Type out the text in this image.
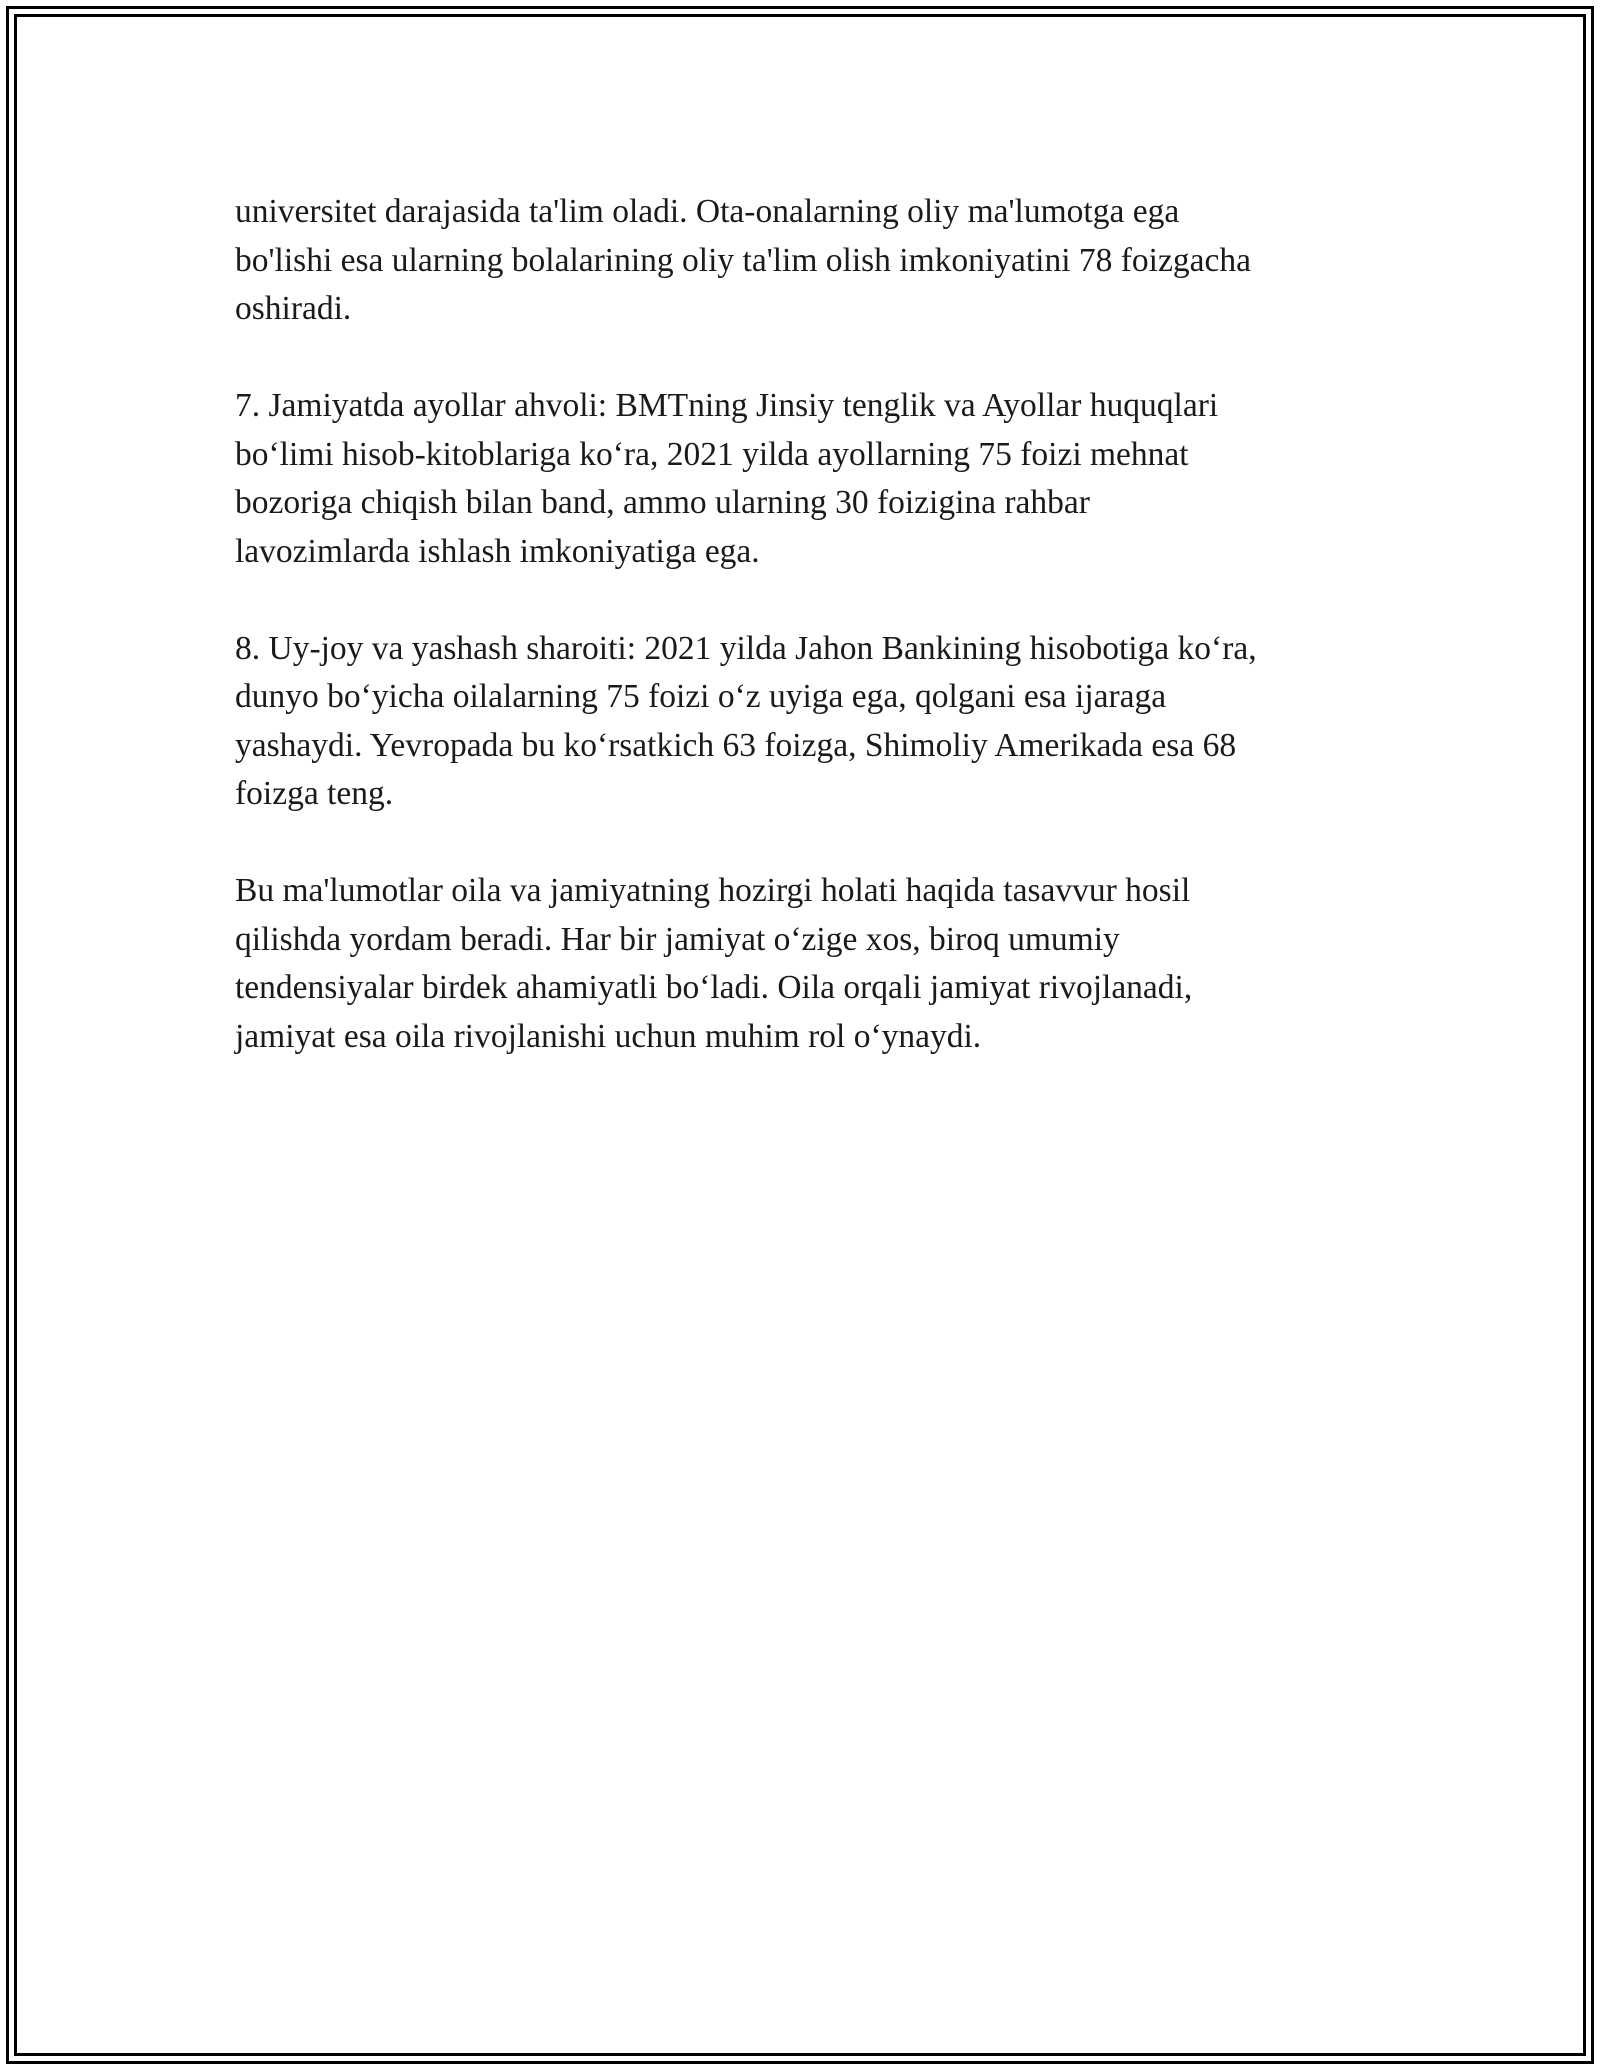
universitet darajasida ta'lim oladi. Ota-onalarning oliy ma'lumotga ega
bo'lishi esa ularning bolalarining oliy ta'lim olish imkoniyatini 78 foizgacha
oshiradi.

7. Jamiyatda ayollar ahvoli: BMTning Jinsiy tenglik va Ayollar huquqlari
bo‘limi hisob-kitoblariga ko‘ra, 2021 yilda ayollarning 75 foizi mehnat
bozoriga chiqish bilan band, ammo ularning 30 foizigina rahbar
lavozimlarda ishlash imkoniyatiga ega.

8. Uy-joy va yashash sharoiti: 2021 yilda Jahon Bankining hisobotiga ko‘ra,
dunyo bo‘yicha oilalarning 75 foizi o‘z uyiga ega, qolgani esa ijaraga
yashaydi. Yevropada bu ko‘rsatkich 63 foizga, Shimoliy Amerikada esa 68
foizga teng.

Bu ma'lumotlar oila va jamiyatning hozirgi holati haqida tasavvur hosil
qilishda yordam beradi. Har bir jamiyat o‘zige xos, biroq umumiy
tendensiyalar birdek ahamiyatli bo‘ladi. Oila orqali jamiyat rivojlanadi,
jamiyat esa oila rivojlanishi uchun muhim rol o‘ynaydi.
